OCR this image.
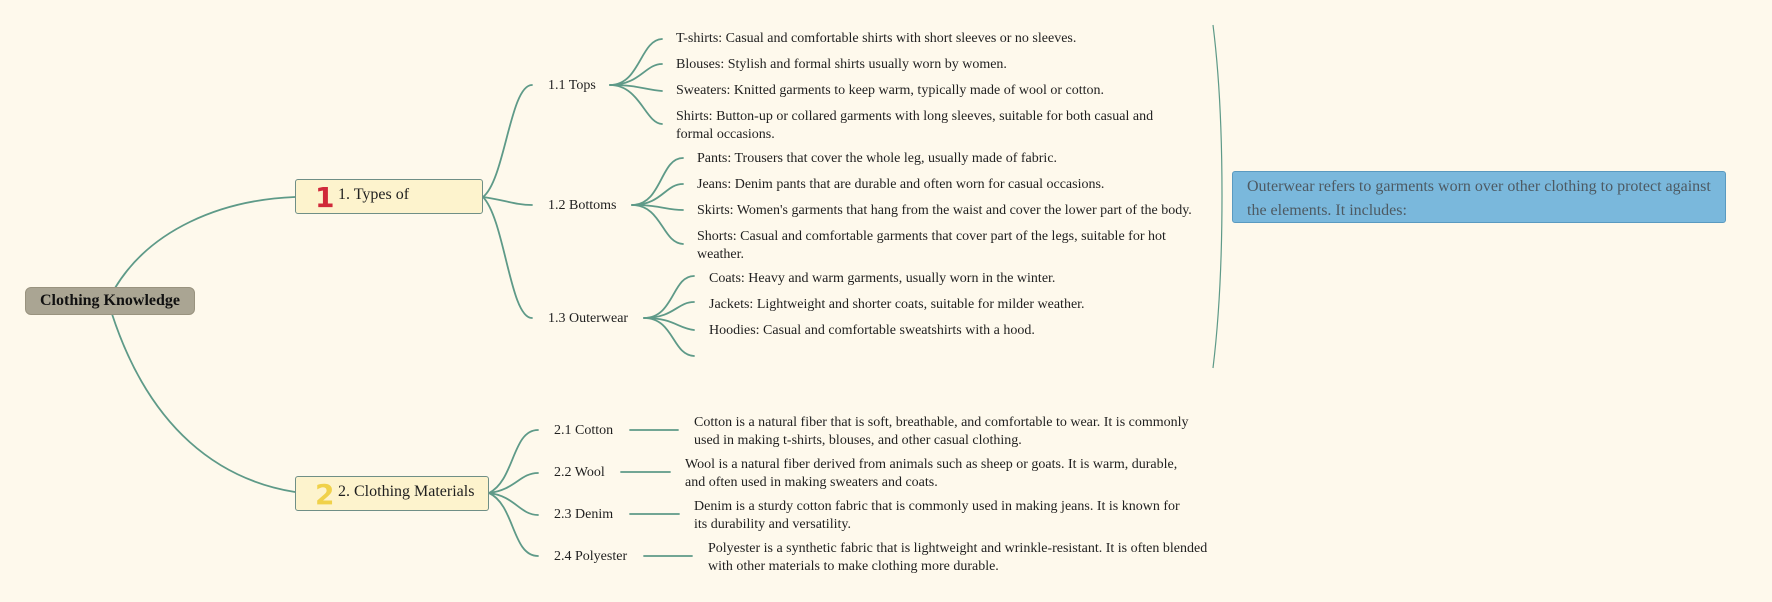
Clothing Knowledge
1 1. Types of
2 2. Clothing Materials
1.1 Tops
1.2 Bottoms
1.3 Outerwear
T-shirts: Casual and comfortable shirts with short sleeves or no sleeves.
Blouses: Stylish and formal shirts usually worn by women.
Sweaters: Knitted garments to keep warm, typically made of wool or cotton.
Shirts: Button-up or collared garments with long sleeves, suitable for both casual and formal occasions.
Pants: Trousers that cover the whole leg, usually made of fabric.
Jeans: Denim pants that are durable and often worn for casual occasions.
Skirts: Women's garments that hang from the waist and cover the lower part of the body.
Shorts: Casual and comfortable garments that cover part of the legs, suitable for hot weather.
Coats: Heavy and warm garments, usually worn in the winter.
Jackets: Lightweight and shorter coats, suitable for milder weather.
Hoodies: Casual and comfortable sweatshirts with a hood.
Outerwear refers to garments worn over other clothing to protect against the elements. It includes:
2.1 Cotton
2.2 Wool
2.3 Denim
2.4 Polyester
Cotton is a natural fiber that is soft, breathable, and comfortable to wear. It is commonly used in making t-shirts, blouses, and other casual clothing.
Wool is a natural fiber derived from animals such as sheep or goats. It is warm, durable, and often used in making sweaters and coats.
Denim is a sturdy cotton fabric that is commonly used in making jeans. It is known for its durability and versatility.
Polyester is a synthetic fabric that is lightweight and wrinkle-resistant. It is often blended with other materials to make clothing more durable.
